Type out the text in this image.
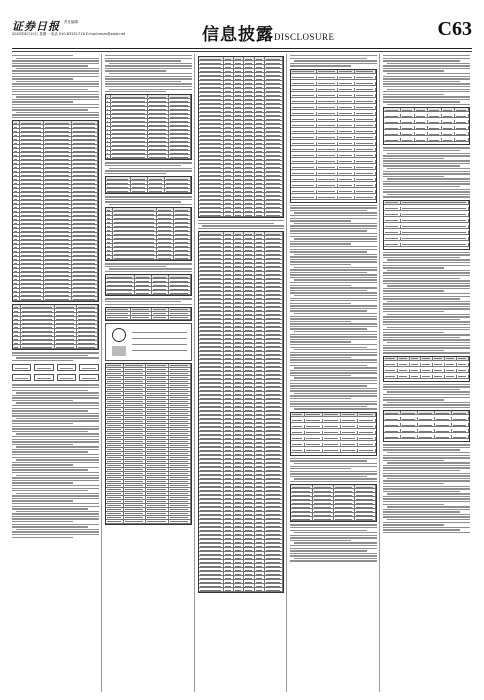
证券日报 责任编辑
2020年8月10日 星期一 电话 010-83251716 E-mail:zmzx@zqrb.net	信息披露DISCLOSURE	C63
